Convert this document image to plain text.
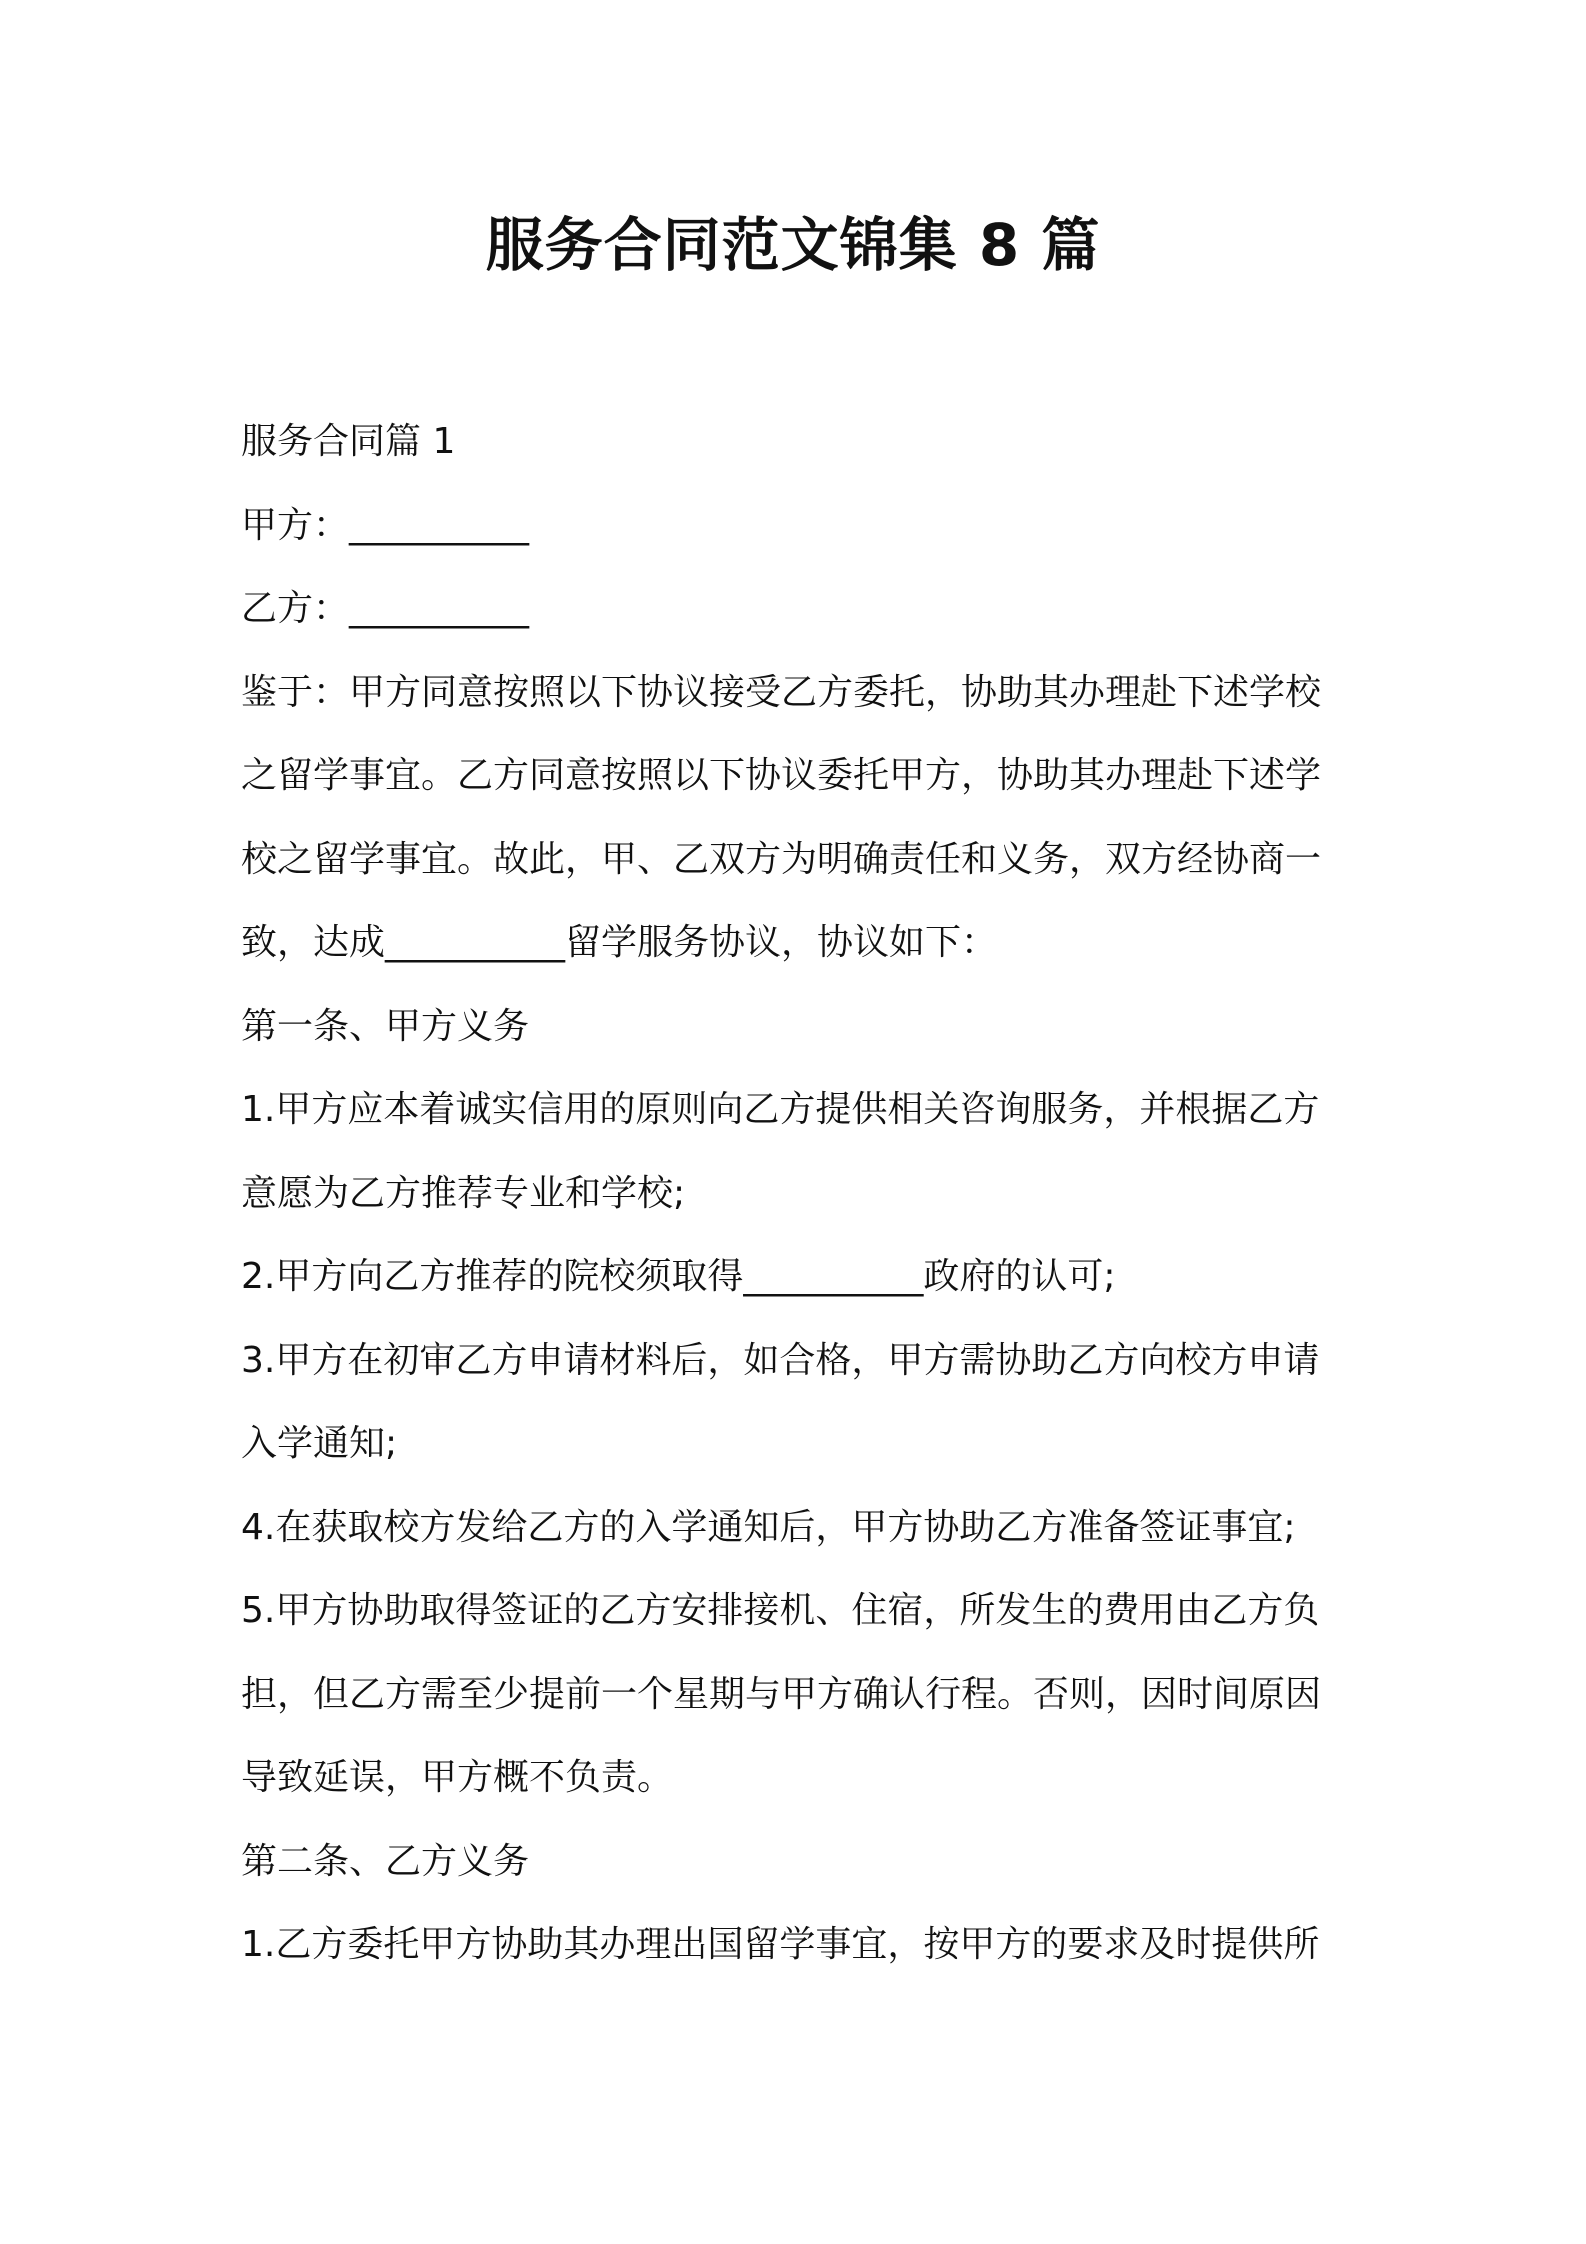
服务合同范文锦集 8 篇

服务合同篇 1

甲方：__________

乙方：__________

鉴于：甲方同意按照以下协议接受乙方委托，协助其办理赴下述学校

之留学事宜。乙方同意按照以下协议委托甲方，协助其办理赴下述学

校之留学事宜。故此，甲、乙双方为明确责任和义务，双方经协商一

致，达成__________留学服务协议，协议如下：

第一条、甲方义务

1.甲方应本着诚实信用的原则向乙方提供相关咨询服务，并根据乙方

意愿为乙方推荐专业和学校;

2.甲方向乙方推荐的院校须取得__________政府的认可;

3.甲方在初审乙方申请材料后，如合格，甲方需协助乙方向校方申请

入学通知;

4.在获取校方发给乙方的入学通知后，甲方协助乙方准备签证事宜;

5.甲方协助取得签证的乙方安排接机、住宿，所发生的费用由乙方负

担，但乙方需至少提前一个星期与甲方确认行程。否则，因时间原因

导致延误，甲方概不负责。

第二条、乙方义务

1.乙方委托甲方协助其办理出国留学事宜，按甲方的要求及时提供所
